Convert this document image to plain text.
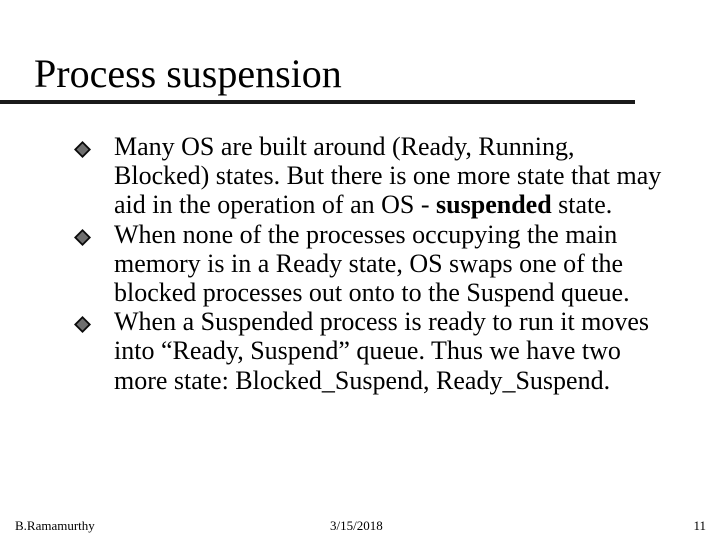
Process suspension

Many OS are built around (Ready, Running, Blocked) states. But there is one more state that may aid in the operation of an OS - suspended state.

When none of the processes occupying the main memory is in a Ready state, OS swaps one of the blocked processes out onto to the Suspend queue.

When a Suspended process is ready to run it moves into “Ready, Suspend” queue. Thus we have two more state: Blocked_Suspend, Ready_Suspend.

B.Ramamurthy	3/15/2018	11
